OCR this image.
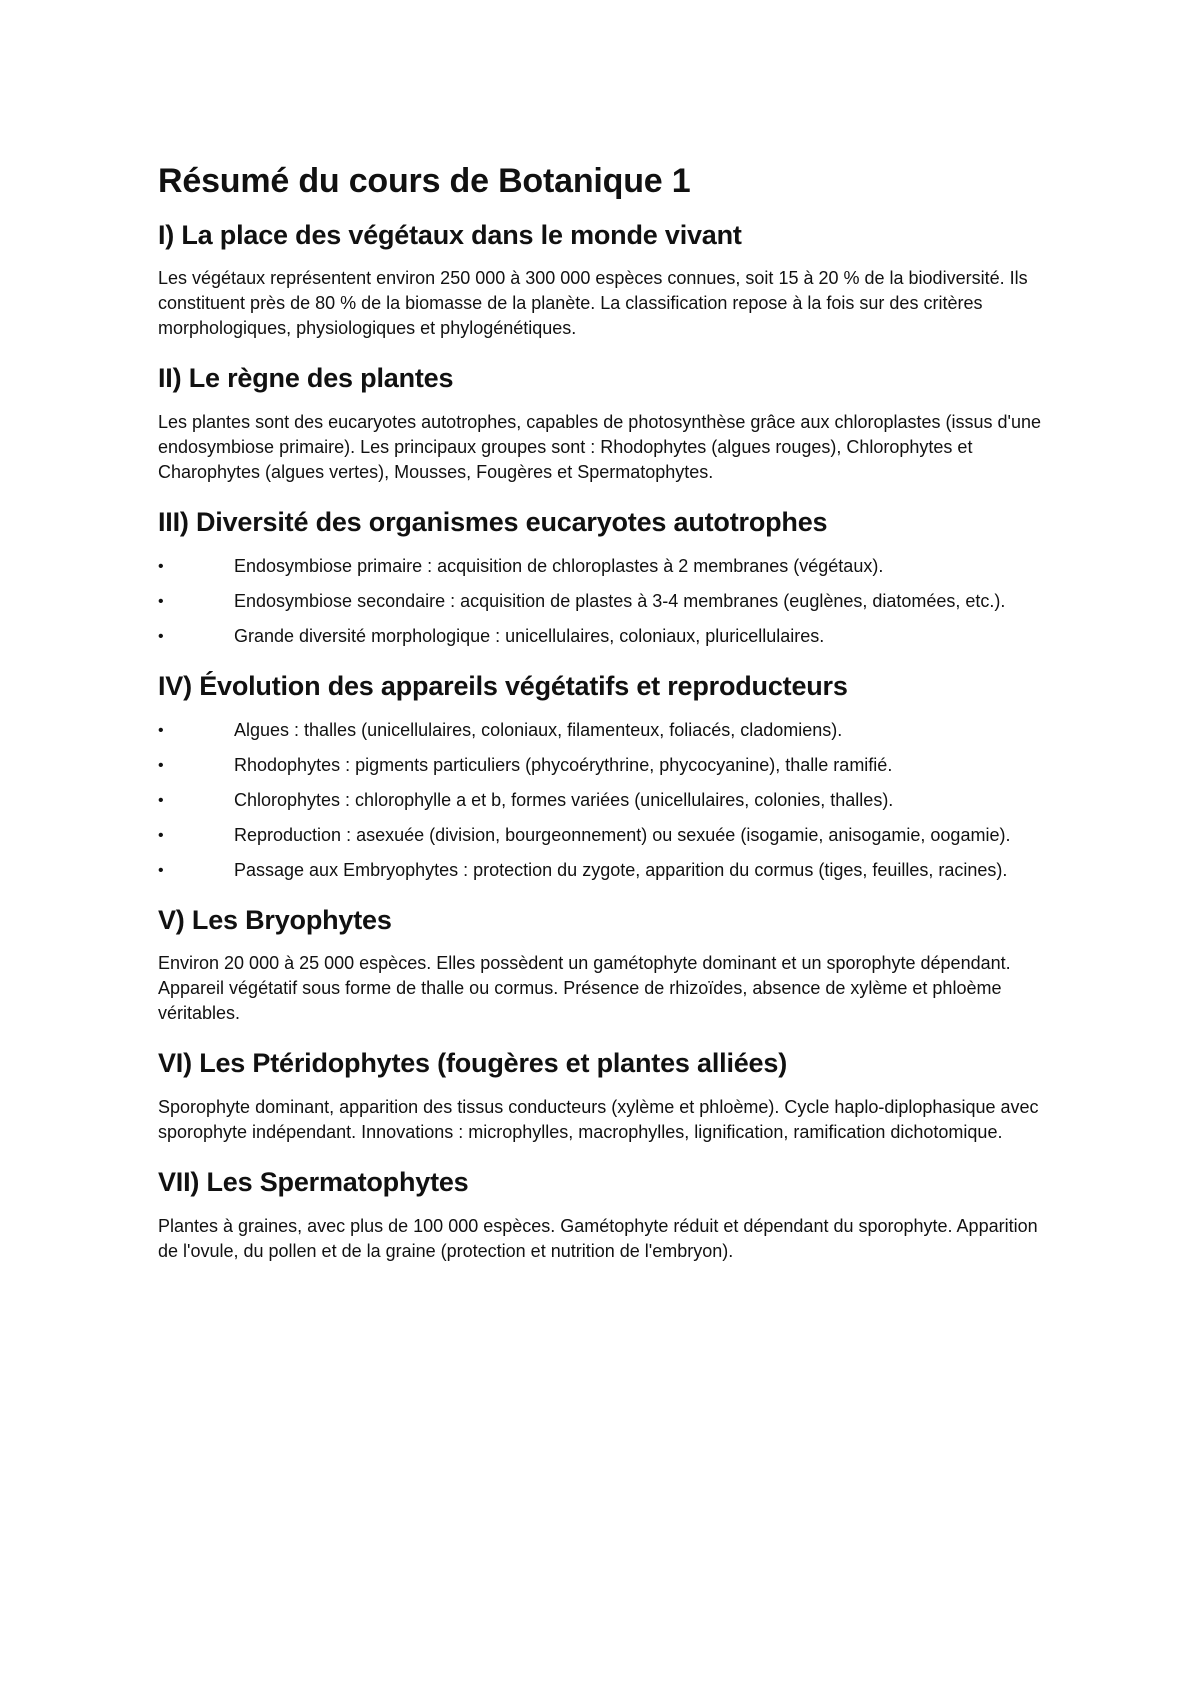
Résumé du cours de Botanique 1
I) La place des végétaux dans le monde vivant

Les végétaux représentent environ 250 000 à 300 000 espèces connues, soit 15 à 20 % de la biodiversité. Ils constituent près de 80 % de la biomasse de la planète. La classification repose à la fois sur des critères morphologiques, physiologiques et phylogénétiques.

II) Le règne des plantes

Les plantes sont des eucaryotes autotrophes, capables de photosynthèse grâce aux chloroplastes (issus d'une endosymbiose primaire). Les principaux groupes sont : Rhodophytes (algues rouges), Chlorophytes et Charophytes (algues vertes), Mousses, Fougères et Spermatophytes.

III) Diversité des organismes eucaryotes autotrophes
•	Endosymbiose primaire : acquisition de chloroplastes à 2 membranes (végétaux).
•	Endosymbiose secondaire : acquisition de plastes à 3-4 membranes (euglènes, diatomées, etc.).
•	Grande diversité morphologique : unicellulaires, coloniaux, pluricellulaires.
IV) Évolution des appareils végétatifs et reproducteurs
•	Algues : thalles (unicellulaires, coloniaux, filamenteux, foliacés, cladomiens).
•	Rhodophytes : pigments particuliers (phycoérythrine, phycocyanine), thalle ramifié.
•	Chlorophytes : chlorophylle a et b, formes variées (unicellulaires, colonies, thalles).
•	Reproduction : asexuée (division, bourgeonnement) ou sexuée (isogamie, anisogamie, oogamie).
•	Passage aux Embryophytes : protection du zygote, apparition du cormus (tiges, feuilles, racines).
V) Les Bryophytes

Environ 20 000 à 25 000 espèces. Elles possèdent un gamétophyte dominant et un sporophyte dépendant. Appareil végétatif sous forme de thalle ou cormus. Présence de rhizoïdes, absence de xylème et phloème véritables.

VI) Les Ptéridophytes (fougères et plantes alliées)

Sporophyte dominant, apparition des tissus conducteurs (xylème et phloème). Cycle haplo-diplophasique avec sporophyte indépendant. Innovations : microphylles, macrophylles, lignification, ramification dichotomique.

VII) Les Spermatophytes

Plantes à graines, avec plus de 100 000 espèces. Gamétophyte réduit et dépendant du sporophyte. Apparition de l'ovule, du pollen et de la graine (protection et nutrition de l'embryon).
